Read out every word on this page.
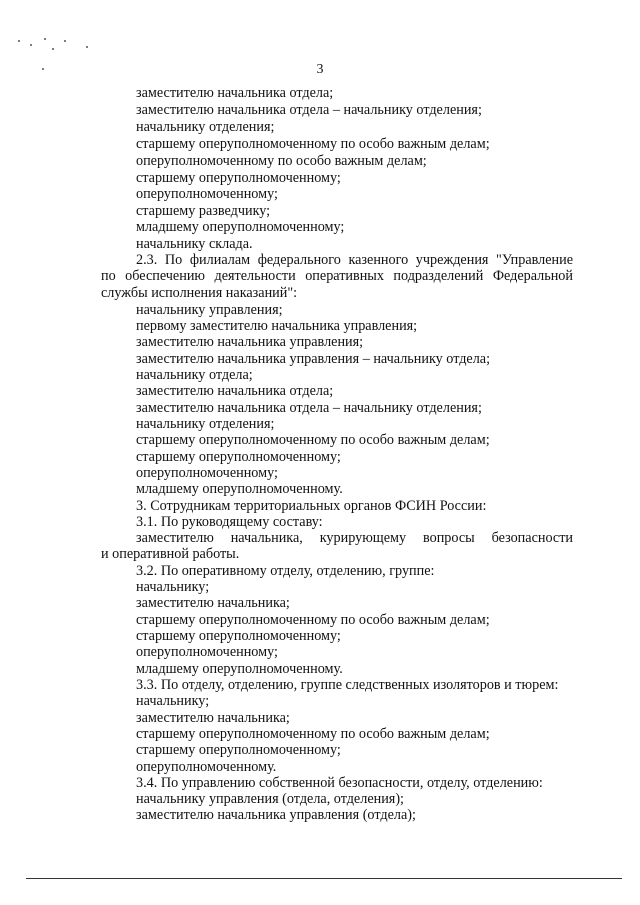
3
заместителю начальника отдела;
заместителю начальника отдела – начальнику отделения;
начальнику отделения;
старшему оперуполномоченному по особо важным делам;
оперуполномоченному по особо важным делам;
старшему оперуполномоченному;
оперуполномоченному;
старшему разведчику;
младшему оперуполномоченному;
начальнику склада.
2.3. По филиалам федерального казенного учреждения "Управление
по обеспечению деятельности оперативных подразделений Федеральной
службы исполнения наказаний":
начальнику управления;
первому заместителю начальника управления;
заместителю начальника управления;
заместителю начальника управления – начальнику отдела;
начальнику отдела;
заместителю начальника отдела;
заместителю начальника отдела – начальнику отделения;
начальнику отделения;
старшему оперуполномоченному по особо важным делам;
старшему оперуполномоченному;
оперуполномоченному;
младшему оперуполномоченному.
3. Сотрудникам территориальных органов ФСИН России:
3.1. По руководящему составу:
заместителю начальника, курирующему вопросы безопасности
и оперативной работы.
3.2. По оперативному отделу, отделению, группе:
начальнику;
заместителю начальника;
старшему оперуполномоченному по особо важным делам;
старшему оперуполномоченному;
оперуполномоченному;
младшему оперуполномоченному.
3.3. По отделу, отделению, группе следственных изоляторов и тюрем:
начальнику;
заместителю начальника;
старшему оперуполномоченному по особо важным делам;
старшему оперуполномоченному;
оперуполномоченному.
3.4. По управлению собственной безопасности, отделу, отделению:
начальнику управления (отдела, отделения);
заместителю начальника управления (отдела);
